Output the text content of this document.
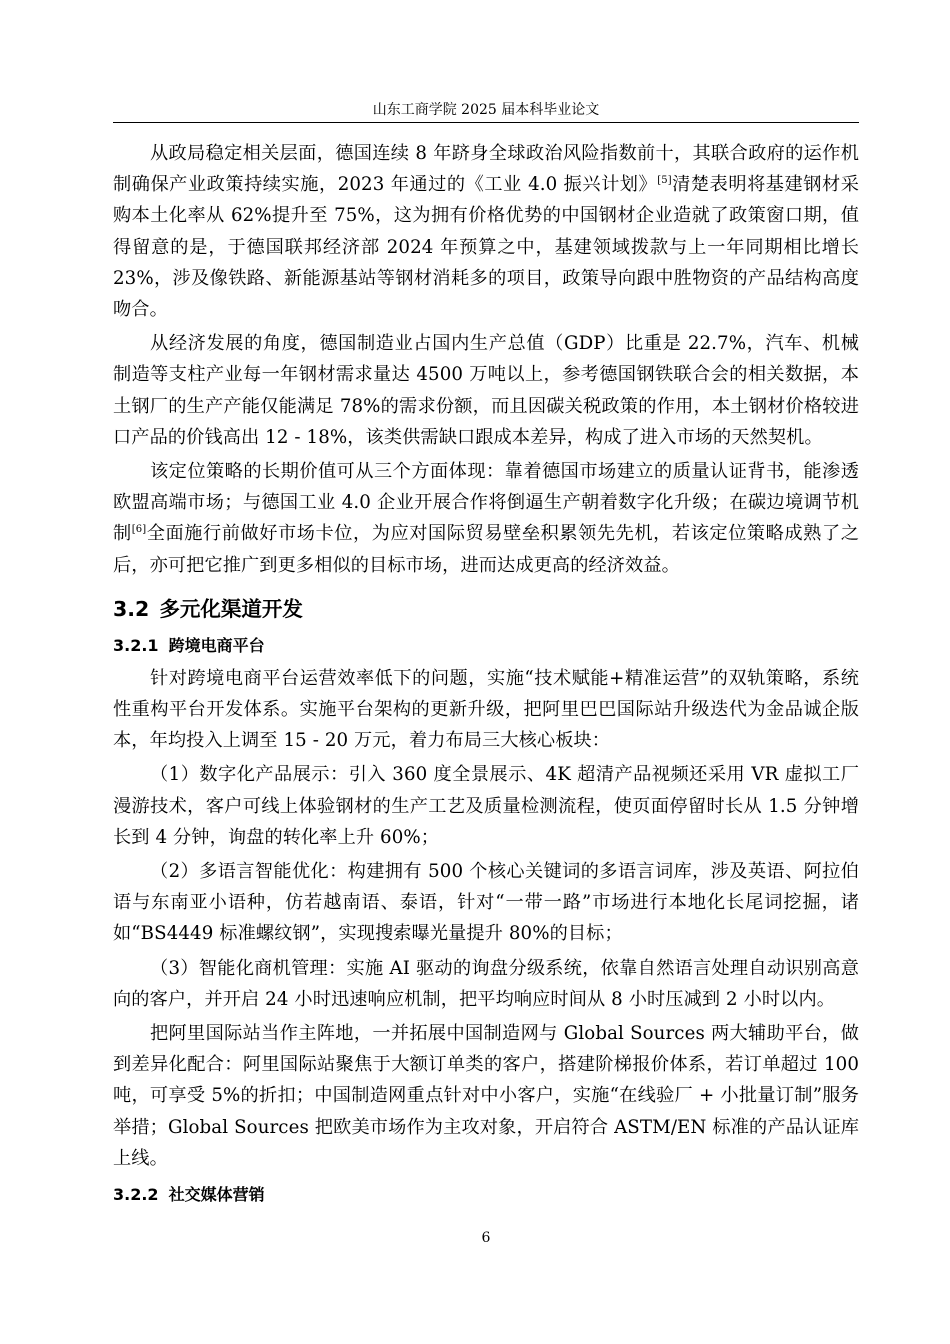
山东工商学院 2025 届本科毕业论文

从政局稳定相关层面，德国连续 8 年跻身全球政治风险指数前十，其联合政府的运作机制确保产业政策持续实施，2023 年通过的《工业 4.0 振兴计划》[5]清楚表明将基建钢材采购本土化率从 62%提升至 75%，这为拥有价格优势的中国钢材企业造就了政策窗口期，值得留意的是，于德国联邦经济部 2024 年预算之中，基建领域拨款与上一年同期相比增长 23%，涉及像铁路、新能源基站等钢材消耗多的项目，政策导向跟中胜物资的产品结构高度吻合。

从经济发展的角度，德国制造业占国内生产总值（GDP）比重是 22.7%，汽车、机械制造等支柱产业每一年钢材需求量达 4500 万吨以上，参考德国钢铁联合会的相关数据，本土钢厂的生产产能仅能满足 78%的需求份额，而且因碳关税政策的作用，本土钢材价格较进口产品的价钱高出 12 - 18%，该类供需缺口跟成本差异，构成了进入市场的天然契机。

该定位策略的长期价值可从三个方面体现：靠着德国市场建立的质量认证背书，能渗透欧盟高端市场；与德国工业 4.0 企业开展合作将倒逼生产朝着数字化升级；在碳边境调节机制[6]全面施行前做好市场卡位，为应对国际贸易壁垒积累领先先机，若该定位策略成熟了之后，亦可把它推广到更多相似的目标市场，进而达成更高的经济效益。

3.2 多元化渠道开发
3.2.1 跨境电商平台

针对跨境电商平台运营效率低下的问题，实施“技术赋能+精准运营”的双轨策略，系统性重构平台开发体系。实施平台架构的更新升级，把阿里巴巴国际站升级迭代为金品诚企版本，年均投入上调至 15 - 20 万元，着力布局三大核心板块：

（1）数字化产品展示：引入 360 度全景展示、4K 超清产品视频还采用 VR 虚拟工厂漫游技术，客户可线上体验钢材的生产工艺及质量检测流程，使页面停留时长从 1.5 分钟增长到 4 分钟，询盘的转化率上升 60%；

（2）多语言智能优化：构建拥有 500 个核心关键词的多语言词库，涉及英语、阿拉伯语与东南亚小语种，仿若越南语、泰语，针对“一带一路”市场进行本地化长尾词挖掘，诸如“BS4449 标准螺纹钢”，实现搜索曝光量提升 80%的目标；

（3）智能化商机管理：实施 AI 驱动的询盘分级系统，依靠自然语言处理自动识别高意向的客户，并开启 24 小时迅速响应机制，把平均响应时间从 8 小时压减到 2 小时以内。

把阿里国际站当作主阵地，一并拓展中国制造网与 Global Sources 两大辅助平台，做到差异化配合：阿里国际站聚焦于大额订单类的客户，搭建阶梯报价体系，若订单超过 100 吨，可享受 5%的折扣；中国制造网重点针对中小客户，实施“在线验厂 + 小批量订制”服务举措；Global Sources 把欧美市场作为主攻对象，开启符合 ASTM/EN 标准的产品认证库上线。

3.2.2 社交媒体营销
6
